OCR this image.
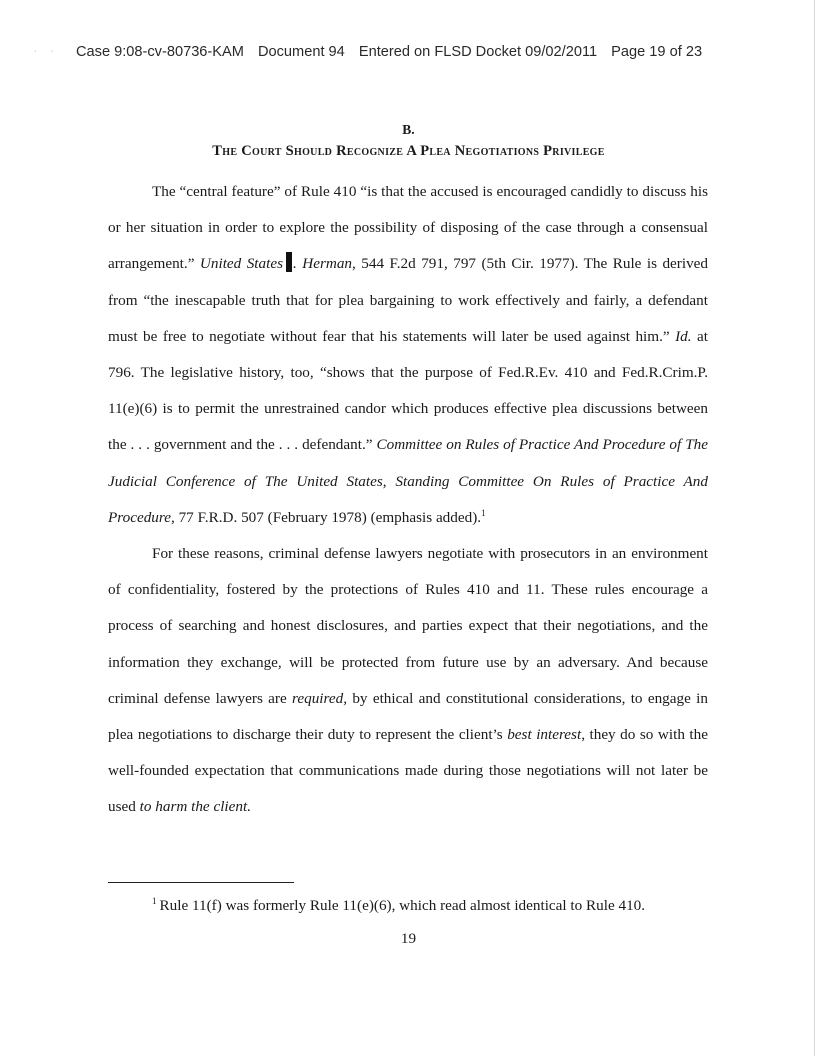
· · Case 9:08-cv-80736-KAM Document 94 Entered on FLSD Docket 09/02/2011 Page 19 of 23
B.
The Court Should Recognize A Plea Negotiations Privilege

The “central feature” of Rule 410 “is that the accused is encouraged candidly to discuss his or her situation in order to explore the possibility of disposing of the case through a consensual arrangement.” United States . Herman, 544 F.2d 791, 797 (5th Cir. 1977). The Rule is derived from “the inescapable truth that for plea bargaining to work effectively and fairly, a defendant must be free to negotiate without fear that his statements will later be used against him.” Id. at 796. The legislative history, too, “shows that the purpose of Fed.R.Ev. 410 and Fed.R.Crim.P. 11(e)(6) is to permit the unrestrained candor which produces effective plea discussions between the . . . government and the . . . defendant.” Committee on Rules of Practice And Procedure of The Judicial Conference of The United States, Standing Committee On Rules of Practice And Procedure, 77 F.R.D. 507 (February 1978) (emphasis added).$^1$

For these reasons, criminal defense lawyers negotiate with prosecutors in an environment of confidentiality, fostered by the protections of Rules 410 and 11. These rules encourage a process of searching and honest disclosures, and parties expect that their negotiations, and the information they exchange, will be protected from future use by an adversary. And because criminal defense lawyers are required, by ethical and constitutional considerations, to engage in plea negotiations to discharge their duty to represent the client’s best interest, they do so with the well-founded expectation that communications made during those negotiations will not later be used to harm the client.

$^1$ Rule 11(f) was formerly Rule 11(e)(6), which read almost identical to Rule 410.
19
